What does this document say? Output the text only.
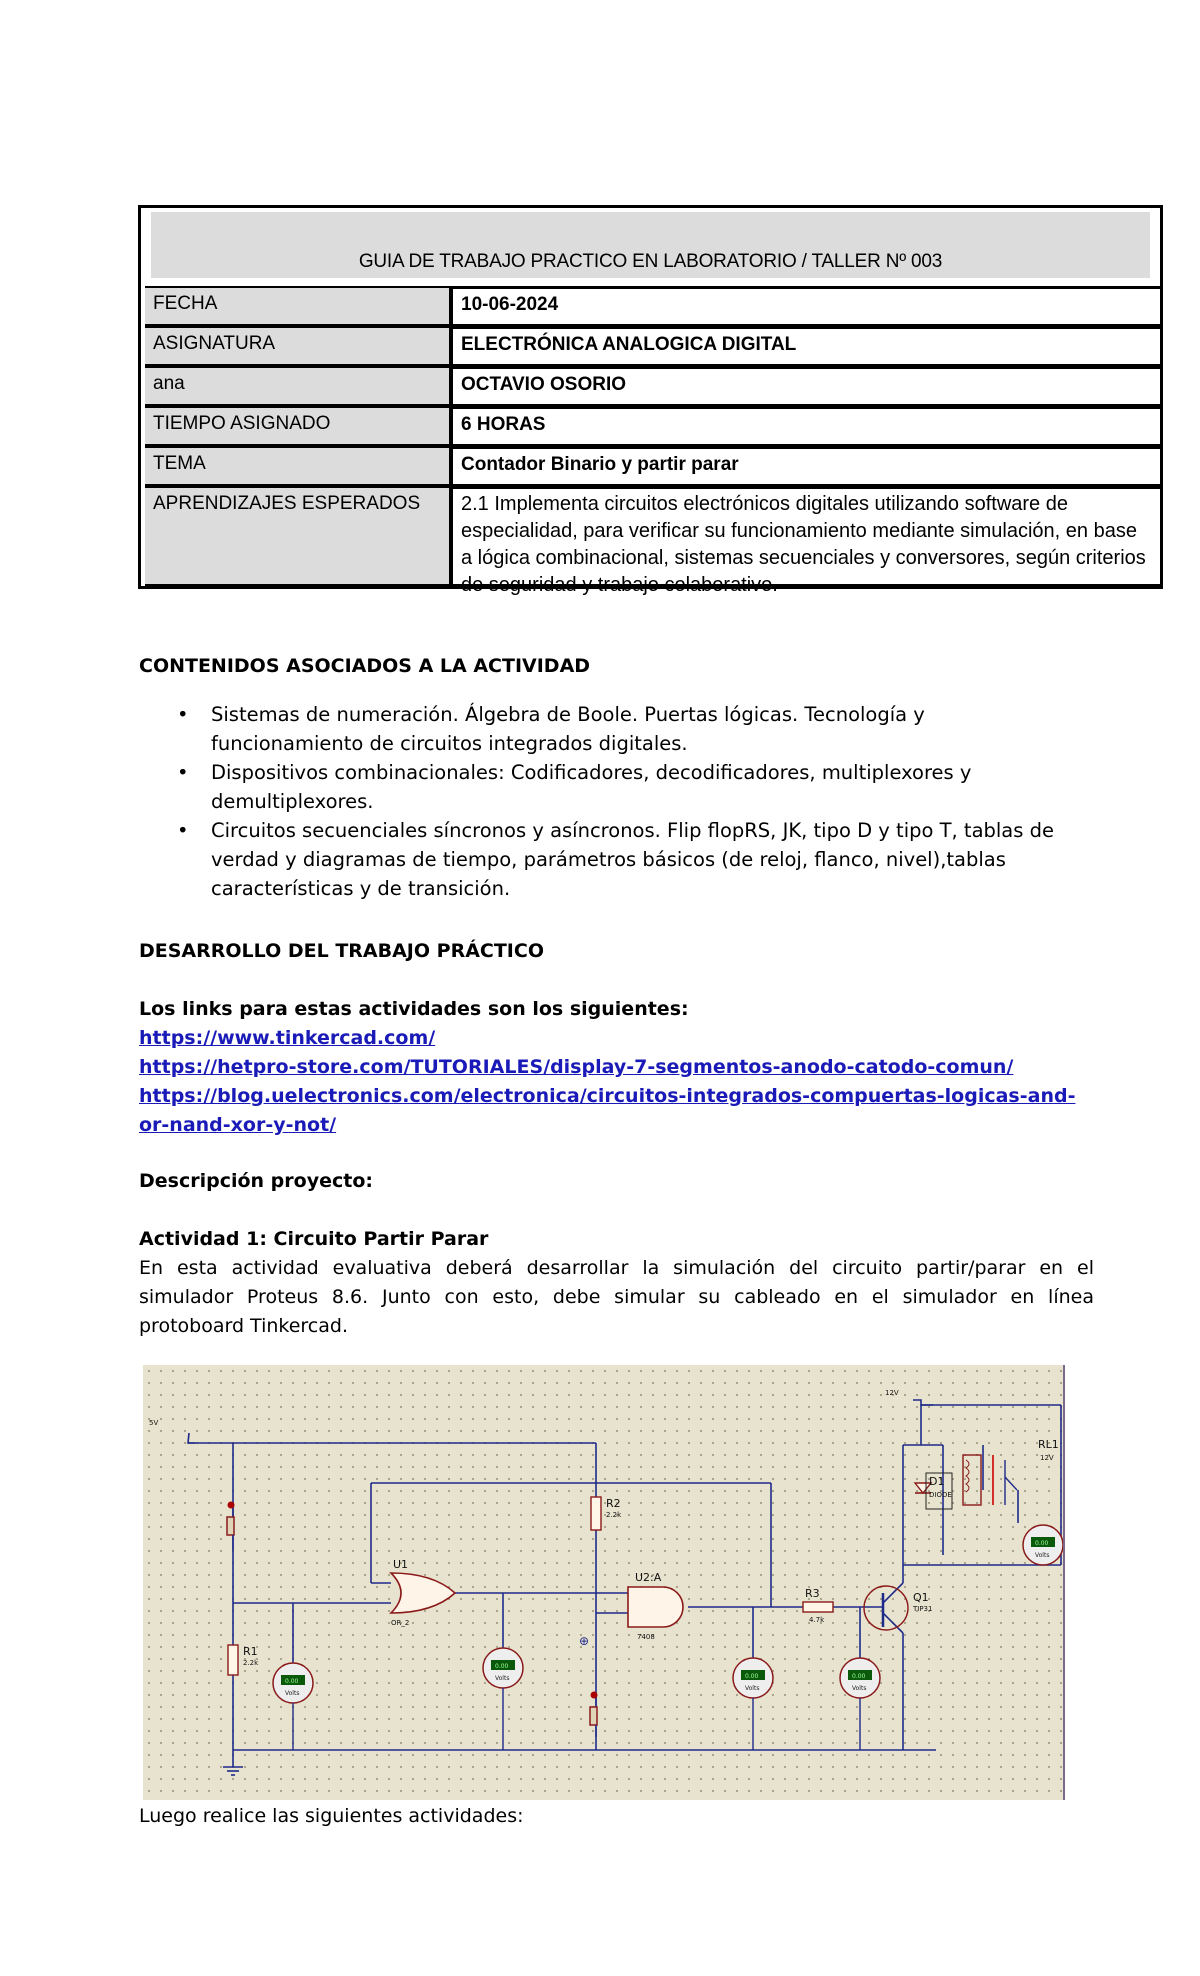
GUIA DE TRABAJO PRACTICO EN LABORATORIO / TALLER Nº 003
FECHA	10-06-2024
ASIGNATURA	ELECTRÓNICA ANALOGICA DIGITAL
ana	OCTAVIO OSORIO
TIEMPO ASIGNADO	6 HORAS
TEMA	Contador Binario y partir parar
APRENDIZAJES ESPERADOS	2.1 Implementa circuitos electrónicos digitales utilizando software de especialidad, para verificar su funcionamiento mediante simulación, en base a lógica combinacional, sistemas secuenciales y conversores, según criterios de seguridad y trabajo colaborativo.
CONTENIDOS ASOCIADOS A LA ACTIVIDAD
• Sistemas de numeración. Álgebra de Boole. Puertas lógicas. Tecnología y funcionamiento de circuitos integrados digitales.
• Dispositivos combinacionales: Codificadores, decodificadores, multiplexores y demultiplexores.
• Circuitos secuenciales síncronos y asíncronos. Flip flopRS, JK, tipo D y tipo T, tablas de verdad y diagramas de tiempo, parámetros básicos (de reloj, flanco, nivel),tablas características y de transición.
DESARROLLO DEL TRABAJO PRÁCTICO
Los links para estas actividades son los siguientes:
https://www.tinkercad.com/
https://hetpro-store.com/TUTORIALES/display-7-segmentos-anodo-catodo-comun/
https://blog.uelectronics.com/electronica/circuitos-integrados-compuertas-logicas-and-or-nand-xor-y-not/
Descripción proyecto:
Actividad 1: Circuito Partir Parar
En esta actividad evaluativa deberá desarrollar la simulación del circuito partir/parar en el simulador Proteus 8.6. Junto con esto, debe simular su cableado en el simulador en línea protoboard Tinkercad.
⊕
5V
12V
R1
2.2k
R2
2.2k
R3
4.7k
U1
OR_2
U2:A
7408
Q1
TIP31
D1
DIODE
RL1
12V
0.00
0.00
0.00	0.00
0.00
Volts
Volts
Volts	Volts
Volts
Luego realice las siguientes actividades:
